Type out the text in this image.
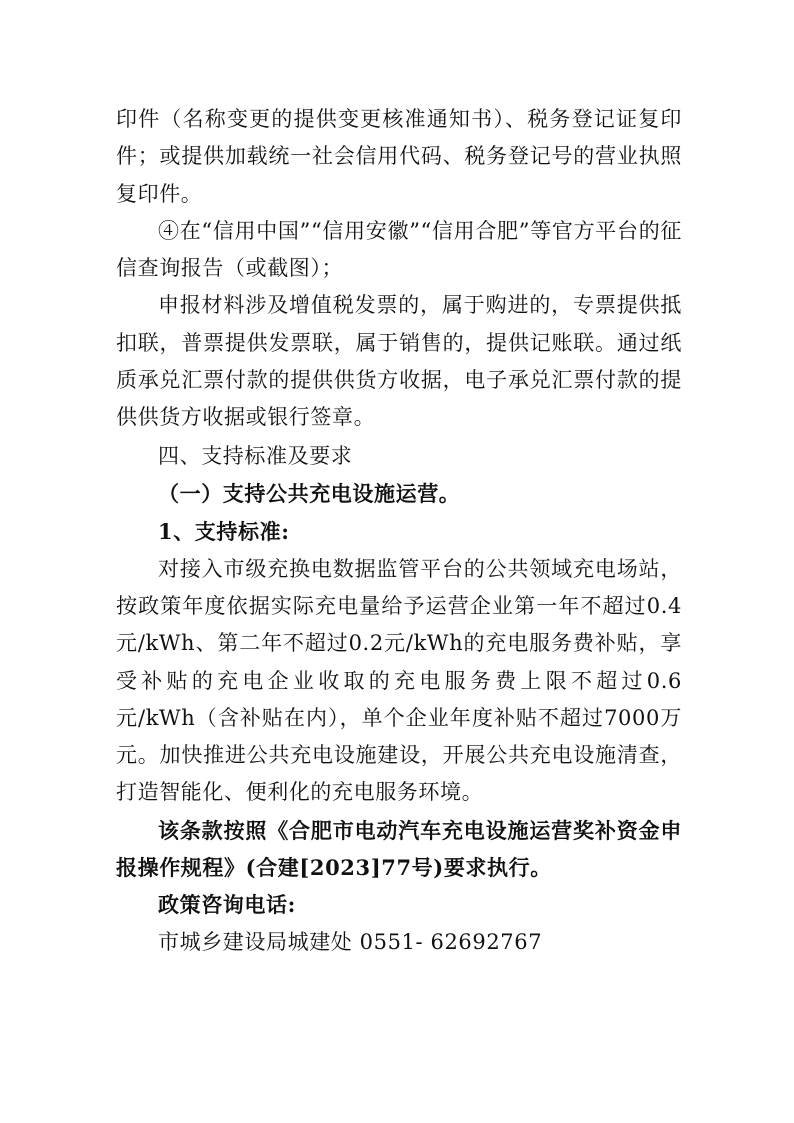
印件（名称变更的提供变更核准通知书）、税务登记证复印件；或提供加载统一社会信用代码、税务登记号的营业执照复印件。

④在“信用中国”“信用安徽”“信用合肥”等官方平台的征信查询报告（或截图）；

申报材料涉及增值税发票的，属于购进的，专票提供抵扣联，普票提供发票联，属于销售的，提供记账联。通过纸质承兑汇票付款的提供供货方收据，电子承兑汇票付款的提供供货方收据或银行签章。

四、支持标准及要求

（一）支持公共充电设施运营。

1、支持标准:

对接入市级充换电数据监管平台的公共领域充电场站，按政策年度依据实际充电量给予运营企业第一年不超过0.4元/kWh、第二年不超过0.2元/kWh的充电服务费补贴，享受补贴的充电企业收取的充电服务费上限不超过0.6元/kWh（含补贴在内），单个企业年度补贴不超过7000万元。加快推进公共充电设施建设，开展公共充电设施清查，打造智能化、便利化的充电服务环境。

该条款按照《合肥市电动汽车充电设施运营奖补资金申报操作规程》(合建[2023]77号)要求执行。

政策咨询电话:

市城乡建设局城建处 0551- 62692767
